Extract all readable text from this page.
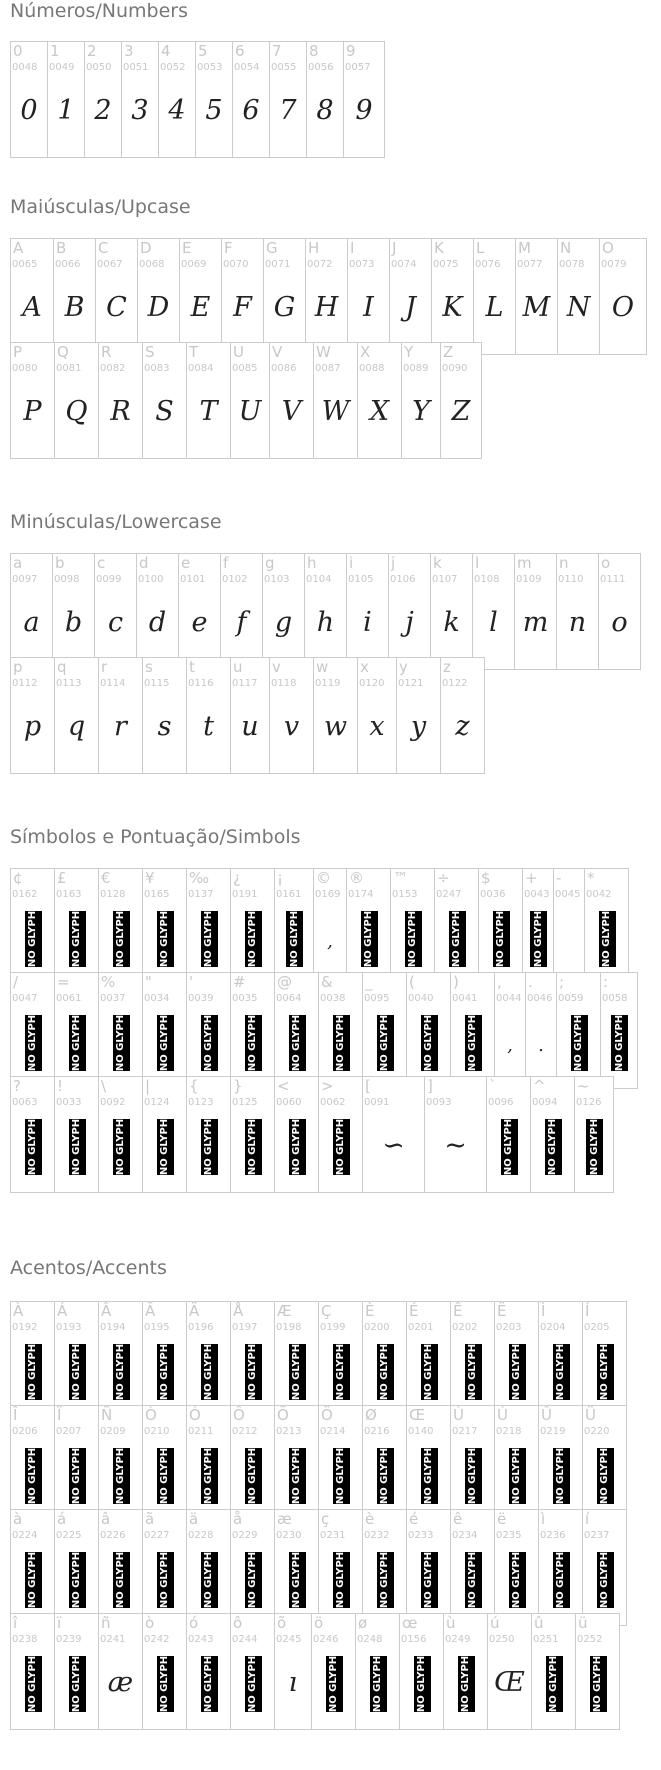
Números/Numbers
0
0048
0
1
0049
1
2
0050
2
3
0051
3
4
0052
4
5
0053
5
6
0054
6
7
0055
7
8
0056
8
9
0057
9
Maiúsculas/Upcase
A
0065
A
B
0066
B
C
0067
C
D
0068
D
E
0069
E
F
0070
F
G
0071
G
H
0072
H
I
0073
I
J
0074
J
K
0075
K
L
0076
L
M
0077
M
N
0078
N
O
0079
O
P
0080
P
Q
0081
Q
R
0082
R
S
0083
S
T
0084
T
U
0085
U
V
0086
V
W
0087
W
X
0088
X
Y
0089
Y
Z
0090
Z
Minúsculas/Lowercase
a
0097
a
b
0098
b
c
0099
c
d
0100
d
e
0101
e
f
0102
f
g
0103
g
h
0104
h
i
0105
i
j
0106
j
k
0107
k
l
0108
l
m
0109
m
n
0110
n
o
0111
o
p
0112
p
q
0113
q
r
0114
r
s
0115
s
t
0116
t
u
0117
u
v
0118
v
w
0119
w
x
0120
x
y
0121
y
z
0122
z
Símbolos e Pontuação/Simbols
¢
0162
NO GLYPH
£
0163
NO GLYPH
€
0128
NO GLYPH
¥
0165
NO GLYPH
‰
0137
NO GLYPH
¿
0191
NO GLYPH
¡
0161
NO GLYPH
©
0169
,
®
0174
NO GLYPH
™
0153
NO GLYPH
÷
0247
NO GLYPH
$
0036
NO GLYPH
+
0043
NO GLYPH
-
0045
*
0042
NO GLYPH
/
0047
NO GLYPH
=
0061
NO GLYPH
%
0037
NO GLYPH
"
0034
NO GLYPH
'
0039
NO GLYPH
#
0035
NO GLYPH
@
0064
NO GLYPH
&
0038
NO GLYPH
_
0095
NO GLYPH
(
0040
NO GLYPH
)
0041
NO GLYPH
,
0044
,
.
0046
.
;
0059
NO GLYPH
:
0058
NO GLYPH
?
0063
NO GLYPH
!
0033
NO GLYPH
\
0092
NO GLYPH
|
0124
NO GLYPH
{
0123
NO GLYPH
}
0125
NO GLYPH
<
0060
NO GLYPH
>
0062
NO GLYPH
[
0091
∽
]
0093
~
`
0096
NO GLYPH
^
0094
NO GLYPH
~
0126
NO GLYPH
Acentos/Accents
À
0192
NO GLYPH
Á
0193
NO GLYPH
Â
0194
NO GLYPH
Ã
0195
NO GLYPH
Ä
0196
NO GLYPH
Å
0197
NO GLYPH
Æ
0198
NO GLYPH
Ç
0199
NO GLYPH
È
0200
NO GLYPH
É
0201
NO GLYPH
Ê
0202
NO GLYPH
Ë
0203
NO GLYPH
Ì
0204
NO GLYPH
Í
0205
NO GLYPH
Î
0206
NO GLYPH
Ï
0207
NO GLYPH
Ñ
0209
NO GLYPH
Ò
0210
NO GLYPH
Ó
0211
NO GLYPH
Ô
0212
NO GLYPH
Õ
0213
NO GLYPH
Ö
0214
NO GLYPH
Ø
0216
NO GLYPH
Œ
0140
NO GLYPH
Ù
0217
NO GLYPH
Ú
0218
NO GLYPH
Û
0219
NO GLYPH
Ü
0220
NO GLYPH
à
0224
NO GLYPH
á
0225
NO GLYPH
â
0226
NO GLYPH
ã
0227
NO GLYPH
ä
0228
NO GLYPH
å
0229
NO GLYPH
æ
0230
NO GLYPH
ç
0231
NO GLYPH
è
0232
NO GLYPH
é
0233
NO GLYPH
ê
0234
NO GLYPH
ë
0235
NO GLYPH
ì
0236
NO GLYPH
í
0237
NO GLYPH
î
0238
NO GLYPH
ï
0239
NO GLYPH
ñ
0241
æ
ò
0242
NO GLYPH
ó
0243
NO GLYPH
ô
0244
NO GLYPH
õ
0245
ı
ö
0246
NO GLYPH
ø
0248
NO GLYPH
œ
0156
NO GLYPH
ù
0249
NO GLYPH
ú
0250
Œ
û
0251
NO GLYPH
ü
0252
NO GLYPH
